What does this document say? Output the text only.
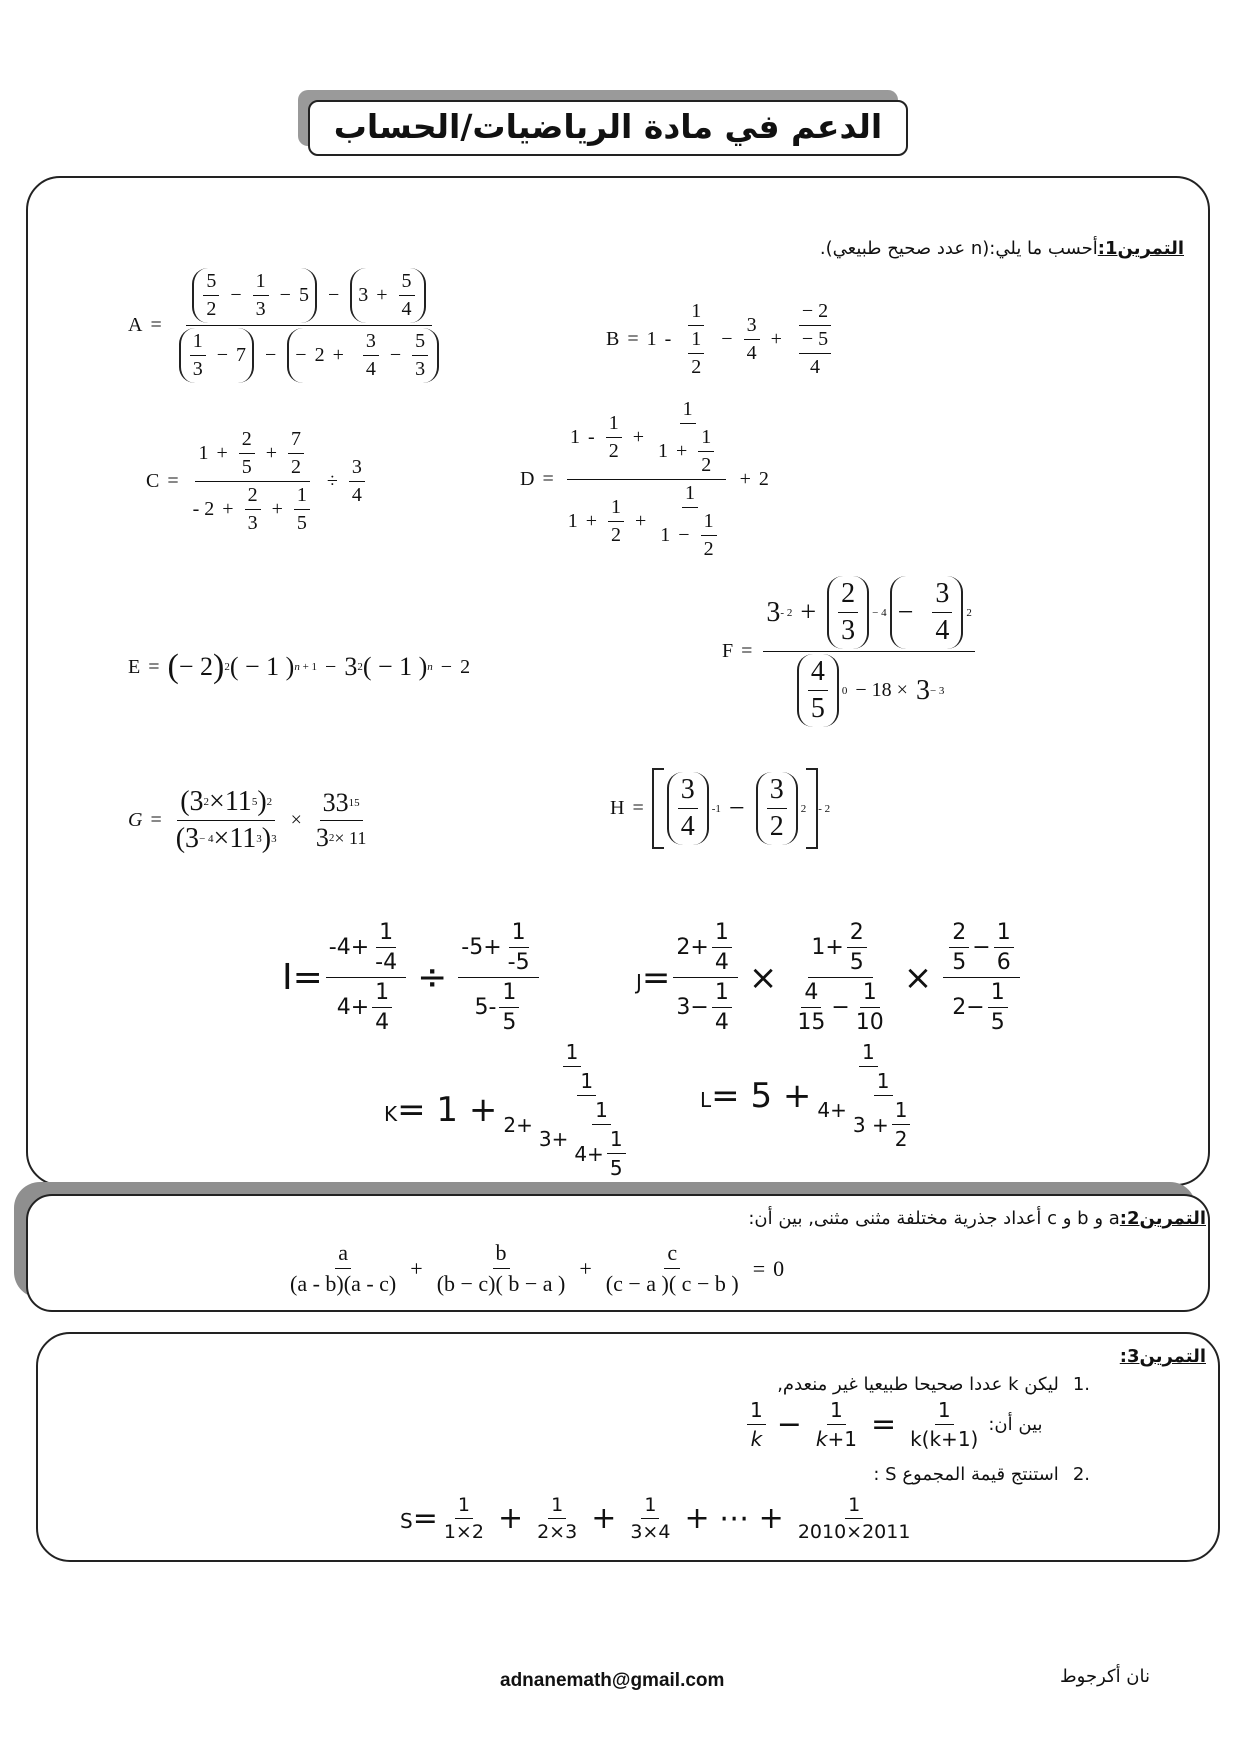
الدعم في مادة الرياضيات/الحساب
التمرين1:أحسب ما يلي:(n عدد صحيح طبيعي).
$A = \frac{\frac{5}{2} - \frac{1}{3} - 5 - 3 + \frac{5}{4}}{\frac{1}{3} - 7 - - 2 + \frac{3}{4} - \frac{5}{3}}$	$B = 1 - \frac{1}{\frac{1}{2}} - \frac{3}{4} + \frac{- 2}{\frac{- 5}{4}}$
$C = \frac{1 + \frac{2}{5} + \frac{7}{2}}{- 2 + \frac{2}{3} + \frac{1}{5}} \div \frac{3}{4}$	$D = \frac{1 - \frac{1}{2} + \frac{1}{1 + \frac{1}{2}}}{1 + \frac{1}{2} + \frac{1}{1 - \frac{1}{2}}} + 2$
E = ( − 2 ) 2 ( − 1 ) n + 1 − 3 2 ( − 1 ) n − 2
$F = \frac{3 - 2 + \frac{2}{3} - 4 - \frac{3}{4} 2}{\frac{4}{5} 0 - 18 \times 3 - 3}$
$G = \frac{(3 2 \times 11 5 ) 2}{(3 - 4 \times 11 3 ) 3} \times \frac{33 15}{3 2 \times 11}$	$H = \frac{3}{4} -1 - \frac{3}{2} 2 - 2$
$I= \frac{-4+ \frac{1}{-4}}{4+ \frac{1}{4}} \div \frac{-5+ \frac{1}{-5}}{5- \frac{1}{5}}$	$J= \frac{2+ \frac{1}{4}}{3- \frac{1}{4}} \times \frac{1+ \frac{2}{5}}{\frac{4}{15} - \frac{1}{10}} \times \frac{\frac{2}{5} - \frac{1}{6}}{2- \frac{1}{5}}$
$K= 1 + \frac{1}{2+ \frac{1}{3+ \frac{1}{4+ \frac{1}{5}}}}$	$L= 5 + \frac{1}{4+ \frac{1}{3 + \frac{1}{2}}}$
التمرين2:a و b و c أعداد جذرية مختلفة مثنى مثنى, بين أن:
$\frac{a}{(a - b)(a - c)} + \frac{b}{(b - c)( b - a )} + \frac{c}{(c - a )( c - b )} = 0$
التمرين3:
.1ليكن k عددا صحيحا طبيعيا غير منعدم,
$\frac{1}{k} - \frac{1}{k +1} = \frac{1}{k(k+1)}$ بين أن:
.2استنتج قيمة المجموع S :
$S= \frac{1}{1\times 2} + \frac{1}{2\times 3} + \frac{1}{3\times 4}$ + ⋯ + $\frac{1}{2010\times 2011}$
adnanemath@gmail.com	نان أكرجوط
